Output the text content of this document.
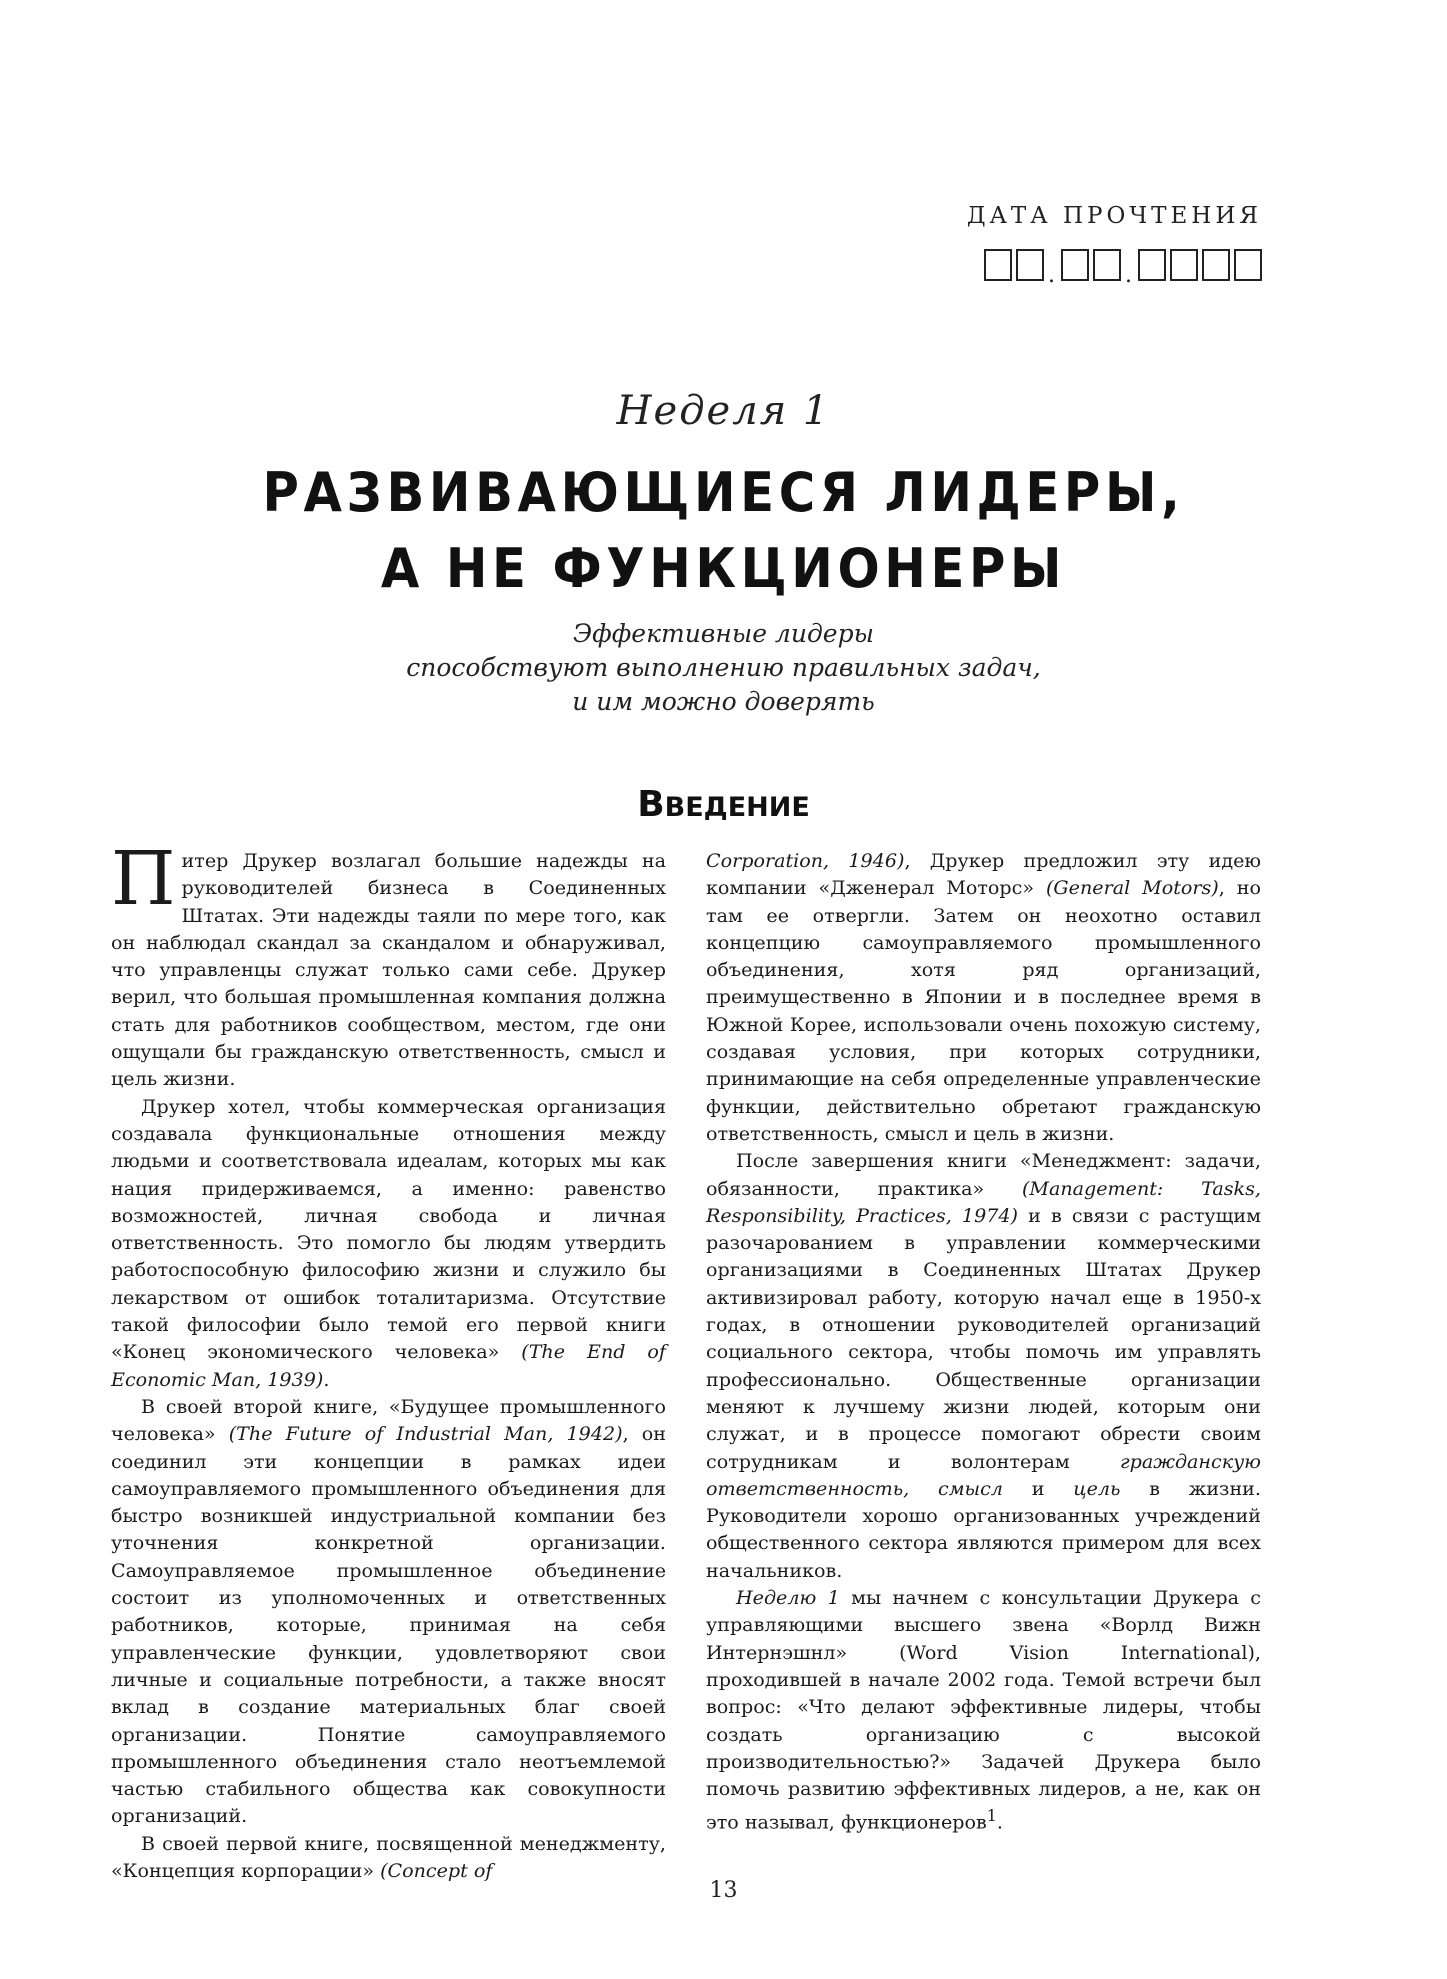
ДАТА ПРОЧТЕНИЯ
.	.
Неделя 1
РАЗВИВАЮЩИЕСЯ ЛИДЕРЫ,
А НЕ ФУНКЦИОНЕРЫ
Эффективные лидеры
способствуют выполнению правильных задач,
и им можно доверять
ВВЕДЕНИЕ

Питер Друкер возлагал большие надежды на руководителей бизнеса в Соединенных Штатах. Эти надежды таяли по мере того, как он наблюдал скандал за скандалом и обнаруживал, что управленцы служат только сами себе. Друкер верил, что большая промышленная компания должна стать для работников сообществом, местом, где они ощущали бы гражданскую ответственность, смысл и цель жизни.

Друкер хотел, чтобы коммерческая организация создавала функциональные отношения между людьми и соответствовала идеалам, которых мы как нация придерживаемся, а именно: равенство возможностей, личная свобода и личная ответственность. Это помогло бы людям утвердить работоспособную философию жизни и служило бы лекарством от ошибок тоталитаризма. Отсутствие такой философии было темой его первой книги «Конец экономического человека» (The End of Economic Man, 1939).

В своей второй книге, «Будущее промышленного человека» (The Future of Industrial Man, 1942), он соединил эти концепции в рамках идеи самоуправляемого промышленного объединения для быстро возникшей индустриальной компании без уточнения конкретной организации. Самоуправляемое промышленное объединение состоит из уполномоченных и ответственных работников, которые, принимая на себя управленческие функции, удовлетворяют свои личные и социальные потребности, а также вносят вклад в создание материальных благ своей организации. Понятие самоуправляемого промышленного объединения стало неотъемлемой частью стабильного общества как совокупности организаций.

В своей первой книге, посвященной менеджменту, «Концепция корпорации» (Concept of

Corporation, 1946), Друкер предложил эту идею компании «Дженерал Моторс» (General Motors), но там ее отвергли. Затем он неохотно оставил концепцию самоуправляемого промышленного объединения, хотя ряд организаций, преимущественно в Японии и в последнее время в Южной Корее, использовали очень похожую систему, создавая условия, при которых сотрудники, принимающие на себя определенные управленческие функции, действительно обретают гражданскую ответственность, смысл и цель в жизни.

После завершения книги «Менеджмент: задачи, обязанности, практика» (Management: Tasks, Responsibility, Practices, 1974) и в связи с растущим разочарованием в управлении коммерческими организациями в Соединенных Штатах Друкер активизировал работу, которую начал еще в 1950-х годах, в отношении руководителей организаций социального сектора, чтобы помочь им управлять профессионально. Общественные организации меняют к лучшему жизни людей, которым они служат, и в процессе помогают обрести своим сотрудникам и волонтерам гражданскую ответственность, смысл и цель в жизни. Руководители хорошо организованных учреждений общественного сектора являются примером для всех начальников.

Неделю 1 мы начнем с консультации Друкера с управляющими высшего звена «Ворлд Вижн Интернэшнл» (Word Vision International), проходившей в начале 2002 года. Темой встречи был вопрос: «Что делают эффективные лидеры, чтобы создать организацию с высокой производительностью?» Задачей Друкера было помочь развитию эффективных лидеров, а не, как он это называл, функционеров$^1$.

13
